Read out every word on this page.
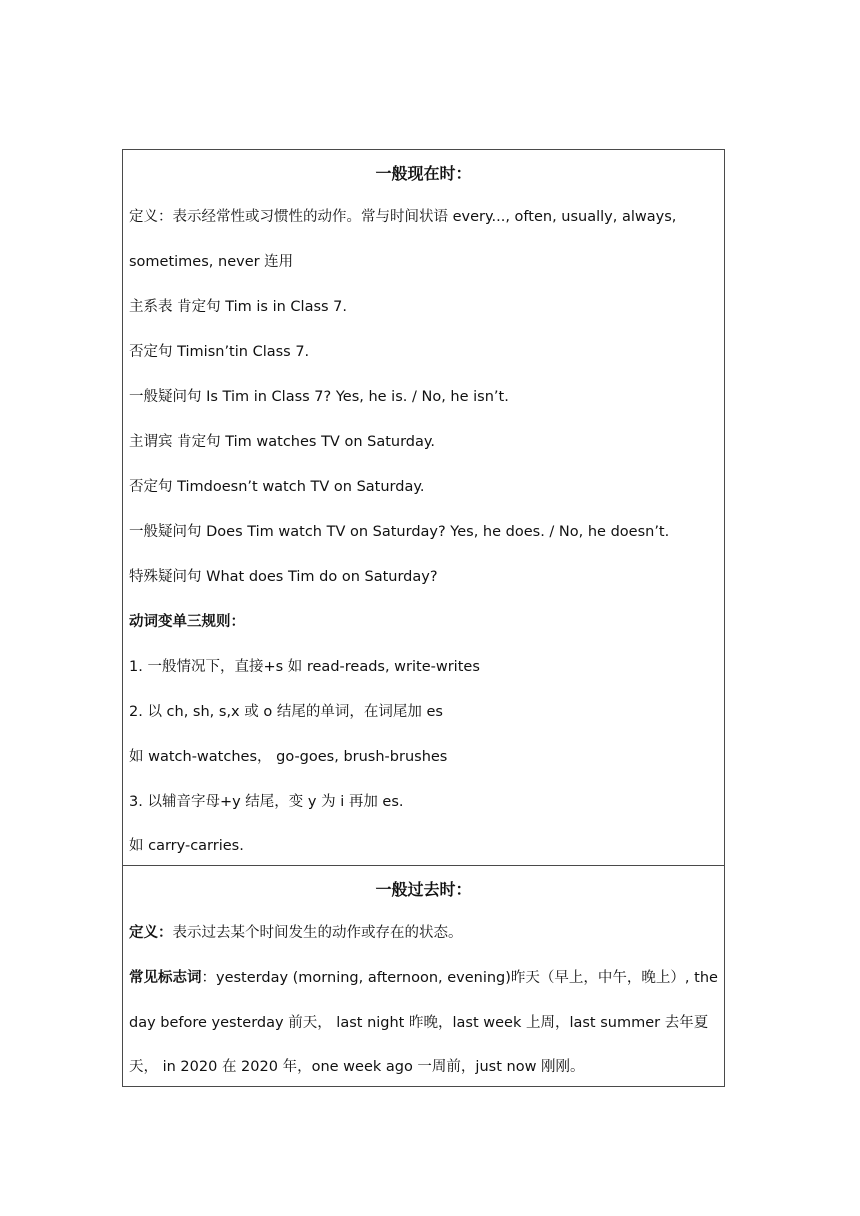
一般现在时：
定义：表示经常性或习惯性的动作。常与时间状语 every..., often, usually, always,
sometimes, never 连用
主系表 肯定句 Tim is in Class 7.
否定句 Timisn’tin Class 7.
一般疑问句 Is Tim in Class 7? Yes, he is. / No, he isn’t.
主谓宾 肯定句 Tim watches TV on Saturday.
否定句 Timdoesn’t watch TV on Saturday.
一般疑问句 Does Tim watch TV on Saturday? Yes, he does. / No, he doesn’t.
特殊疑问句 What does Tim do on Saturday?
动词变单三规则：
1. 一般情况下，直接+s 如 read-reads, write-writes
2. 以 ch, sh, s,x 或 o 结尾的单词，在词尾加 es
如 watch-watches， go-goes, brush-brushes
3. 以辅音字母+y 结尾，变 y 为 i 再加 es.
如 carry-carries.

一般过去时：
定义：表示过去某个时间发生的动作或存在的状态。
常见标志词：yesterday (morning, afternoon, evening)昨天（早上，中午，晚上）, the
day before yesterday 前天， last night 昨晚，last week 上周，last summer 去年夏
天， in 2020 在 2020 年，one week ago 一周前，just now 刚刚。
